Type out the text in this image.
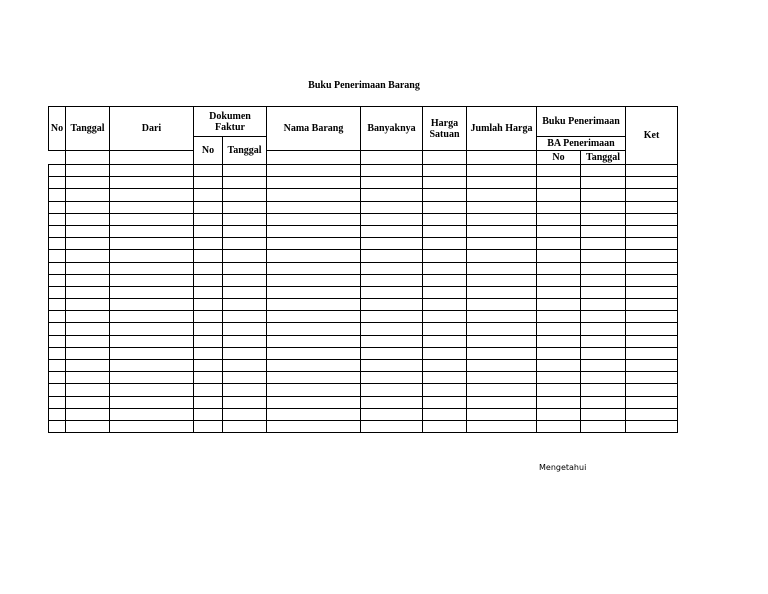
Buku Penerimaan Barang
No	Tanggal	Dari	Dokumen Faktur		Nama Barang	Banyaknya	Harga Satuan	Jumlah Harga	Buku Penerimaan		Ket

			No	Tanggal					BA Penerimaan		
									No	Tanggal	

Mengetahui
